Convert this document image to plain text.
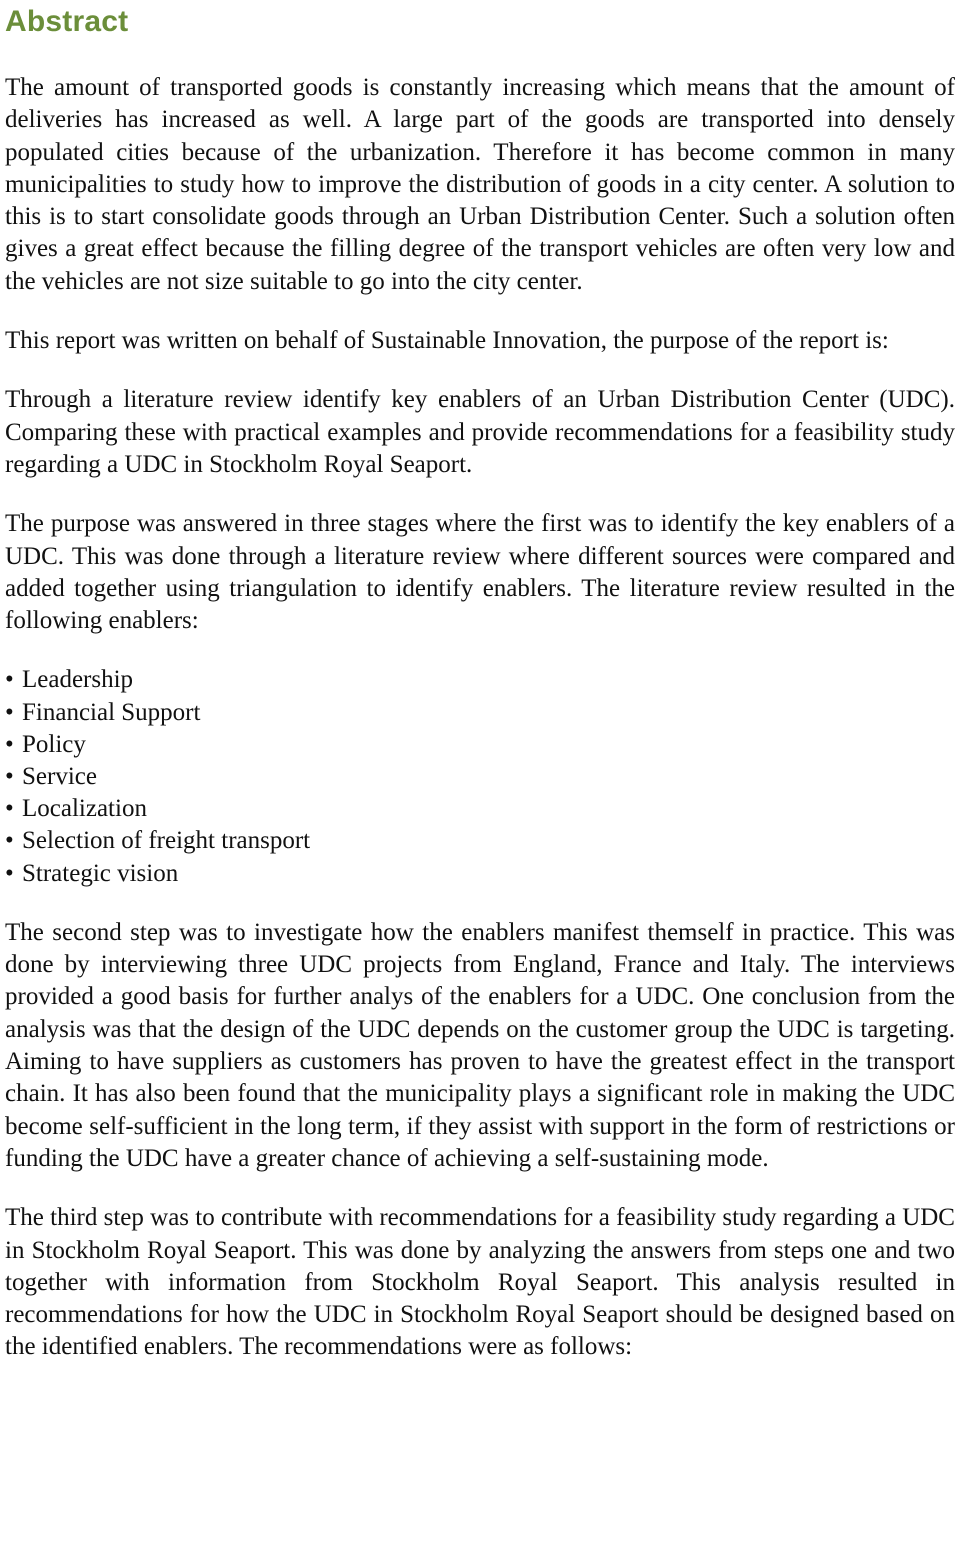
Abstract

The amount of transported goods is constantly increasing which means that the amount of deliveries has increased as well. A large part of the goods are transported into densely populated cities because of the urbanization. Therefore it has become common in many municipalities to study how to improve the distribution of goods in a city center. A solution to this is to start consolidate goods through an Urban Distribution Center. Such a solution often gives a great effect because the filling degree of the transport vehicles are often very low and the vehicles are not size suitable to go into the city center.

This report was written on behalf of Sustainable Innovation, the purpose of the report is:

Through a literature review identify key enablers of an Urban Distribution Center (UDC). Comparing these with practical examples and provide recommendations for a feasibility study regarding a UDC in Stockholm Royal Seaport.

The purpose was answered in three stages where the first was to identify the key enablers of a UDC. This was done through a literature review where different sources were compared and added together using triangulation to identify enablers. The literature review resulted in the following enablers:

• Leadership
• Financial Support
• Policy
• Service
• Localization
• Selection of freight transport
• Strategic vision

The second step was to investigate how the enablers manifest themself in practice. This was done by interviewing three UDC projects from England, France and Italy. The interviews provided a good basis for further analys of the enablers for a UDC. One conclusion from the analysis was that the design of the UDC depends on the customer group the UDC is targeting. Aiming to have suppliers as customers has proven to have the greatest effect in the transport chain. It has also been found that the municipality plays a significant role in making the UDC become self-sufficient in the long term, if they assist with support in the form of restrictions or funding the UDC have a greater chance of achieving a self-sustaining mode.

The third step was to contribute with recommendations for a feasibility study regarding a UDC in Stockholm Royal Seaport. This was done by analyzing the answers from steps one and two together with information from Stockholm Royal Seaport. This analysis resulted in recommendations for how the UDC in Stockholm Royal Seaport should be designed based on the identified enablers. The recommendations were as follows:
